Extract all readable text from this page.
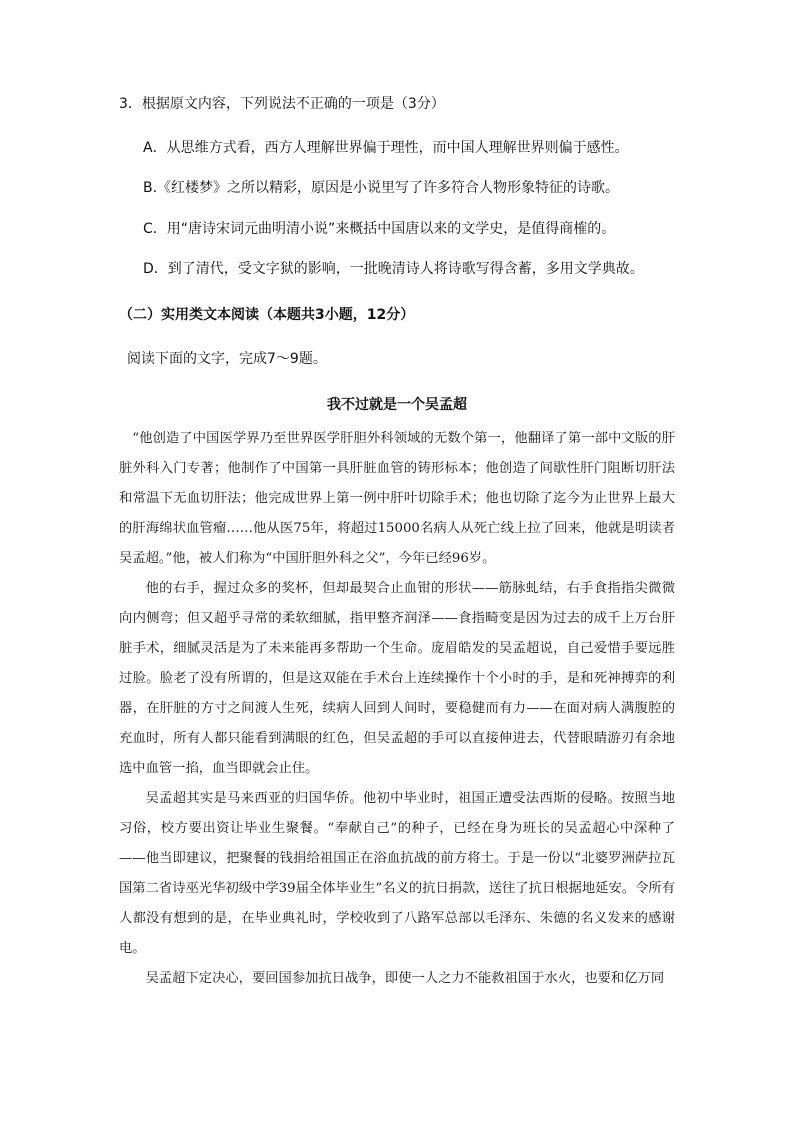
3．根据原文内容，下列说法不正确的一项是（3分）
A．从思维方式看，西方人理解世界偏于理性，而中国人理解世界则偏于感性。
B.《红楼梦》之所以精彩，原因是小说里写了许多符合人物形象特征的诗歌。
C．用“唐诗宋词元曲明清小说”来概括中国唐以来的文学史，是值得商榷的。
D．到了清代，受文字狱的影响，一批晚清诗人将诗歌写得含蓄，多用文学典故。
（二）实用类文本阅读（本题共3小题，12分）
阅读下面的文字，完成7～9题。
我不过就是一个吴孟超

“他创造了中国医学界乃至世界医学肝胆外科领域的无数个第一，他翻译了第一部中文版的肝脏外科入门专著；他制作了中国第一具肝脏血管的铸形标本；他创造了间歇性肝门阻断切肝法和常温下无血切肝法；他完成世界上第一例中肝叶切除手术；他也切除了迄今为止世界上最大的肝海绵状血管瘤……他从医75年，将超过15000名病人从死亡线上拉了回来，他就是明读者吴孟超。”他，被人们称为“中国肝胆外科之父”，今年已经96岁。

他的右手，握过众多的奖杯，但却最契合止血钳的形状——筋脉虬结，右手食指指尖微微向内侧弯；但又超乎寻常的柔软细腻，指甲整齐润泽——食指畸变是因为过去的成千上万台肝脏手术，细腻灵活是为了未来能再多帮助一个生命。庞眉皓发的吴孟超说，自己爱惜手要远胜过脸。脸老了没有所谓的，但是这双能在手术台上连续操作十个小时的手，是和死神搏弈的利器，在肝脏的方寸之间渡人生死，续病人回到人间时，要稳健而有力——在面对病人满腹腔的充血时，所有人都只能看到满眼的红色，但吴孟超的手可以直接伸进去，代替眼睛游刃有余地选中血管一掐，血当即就会止住。

吴孟超其实是马来西亚的归国华侨。他初中毕业时，祖国正遭受法西斯的侵略。按照当地习俗，校方要出资让毕业生聚餐。“奉献自己”的种子，已经在身为班长的吴孟超心中深种了——他当即建议，把聚餐的钱捐给祖国正在浴血抗战的前方将士。于是一份以“北婆罗洲萨拉瓦国第二省诗巫光华初级中学39届全体毕业生”名义的抗日捐款，送往了抗日根据地延安。令所有人都没有想到的是，在毕业典礼时，学校收到了八路军总部以毛泽东、朱德的名义发来的感谢电。

吴孟超下定决心，要回国参加抗日战争，即使一人之力不能救祖国于水火，也要和亿万同
